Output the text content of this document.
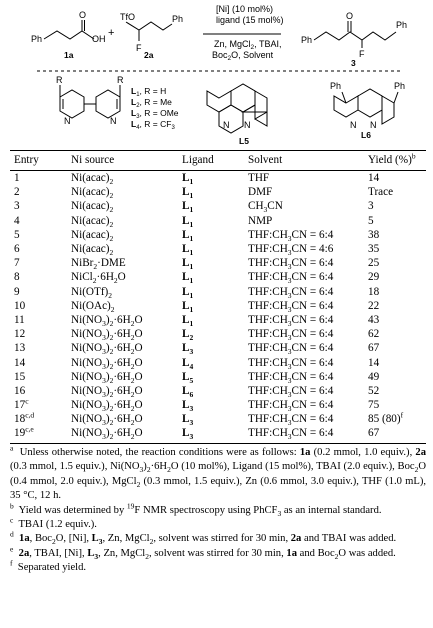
Ph	OH
O
+
TfO
F
Ph
[Ni] (10 mol%)
ligand (15 mol%)
Zn, MgCl$_2$, TBAI,
Boc$_2$O, Solvent
Ph
O
F
Ph
R	R
N	N	N N
Ph	Ph
N N
1a	2a
3
L5
L6
$L_1$, R = H
$L_2$, R = Me
$L_3$, R = OMe
$L_4$, $R = CF_3$
Entry	Ni source	Ligand	Solvent	Yield (%)$^b$
1	$Ni(acac)_2$	$L_1$	THF	14
2	$Ni(acac)_2$	$L_1$	DMF	Trace
3	$Ni(acac)_2$	$L_1$	$CH_3CN$	3
4	$Ni(acac)_2$	$L_1$	NMP	5
5	$Ni(acac)_2$	$L_1$	$THF:CH_3CN$ = 6:4	38
6	$Ni(acac)_2$	$L_1$	$THF:CH_3CN$ = 4:6	35
7	NiBr$_2$·DME	$L_1$	$THF:CH_3CN$ = 6:4	25
8	$NiCl_2\cdot 6H_2O$	$L_1$	$THF:CH_3CN$ = 6:4	29
9	$Ni(OTf)_2$	$L_1$	$THF:CH_3CN$ = 6:4	18
10	$Ni(OAc)_2$	$L_1$	$THF:CH_3CN$ = 6:4	22
11	$Ni(NO_3)_2\cdot 6H_2O$	$L_1$	$THF:CH_3CN$ = 6:4	43
12	$Ni(NO_3)_2\cdot 6H_2O$	$L_2$	$THF:CH_3CN$ = 6:4	62
13	$Ni(NO_3)_2\cdot 6H_2O$	$L_3$	$THF:CH_3CN$ = 6:4	67
14	$Ni(NO_3)_2\cdot 6H_2O$	$L_4$	$THF:CH_3CN$ = 6:4	14
15	$Ni(NO_3)_2\cdot 6H_2O$	$L_5$	$THF:CH_3CN$ = 6:4	49
16	$Ni(NO_3)_2\cdot 6H_2O$	$L_6$	$THF:CH_3CN$ = 6:4	52
17$^c$	$Ni(NO_3)_2\cdot 6H_2O$	$L_3$	$THF:CH_3CN$ = 6:4	75
18$^{c,d}$	$Ni(NO_3)_2\cdot 6H_2O$	$L_3$	$THF:CH_3CN$ = 6:4	85 $(80)^f$
19$^{c,e}$	$Ni(NO_3)_2\cdot 6H_2O$	$L_3$	$THF:CH_3CN$ = 6:4	67

$^a$  Unless otherwise noted, the reaction conditions were as follows: 1a (0.2 mmol, 1.0 equiv.), 2a (0.3 mmol, 1.5 equiv.), $Ni(NO_3)_2\cdot 6H_2O$ (10 mol%), Ligand (15 mol%), TBAI (2.0 equiv.), Boc$_2$O (0.4 mmol, 2.0 equiv.), MgCl$_2$ (0.3 mmol, 1.5 equiv.), Zn (0.6 mmol, 3.0 equiv.), THF (1.0 mL), 35 °C, 12 h.

$^b$  Yield was determined by $^{19}$F NMR spectroscopy using PhCF$_3$ as an internal standard.

$^c$  TBAI (1.2 equiv.).

$^d$ 1a, Boc$_2$O, [Ni], $L_3$, Zn, MgCl$_2$, solvent was stirred for 30 min, 2a and TBAI was added.

$^e$ 2a, TBAI, [Ni], $L_3$, Zn, MgCl$_2$, solvent was stirred for 30 min, 1a and Boc$_2$O was added.

$^f$  Separated yield.
